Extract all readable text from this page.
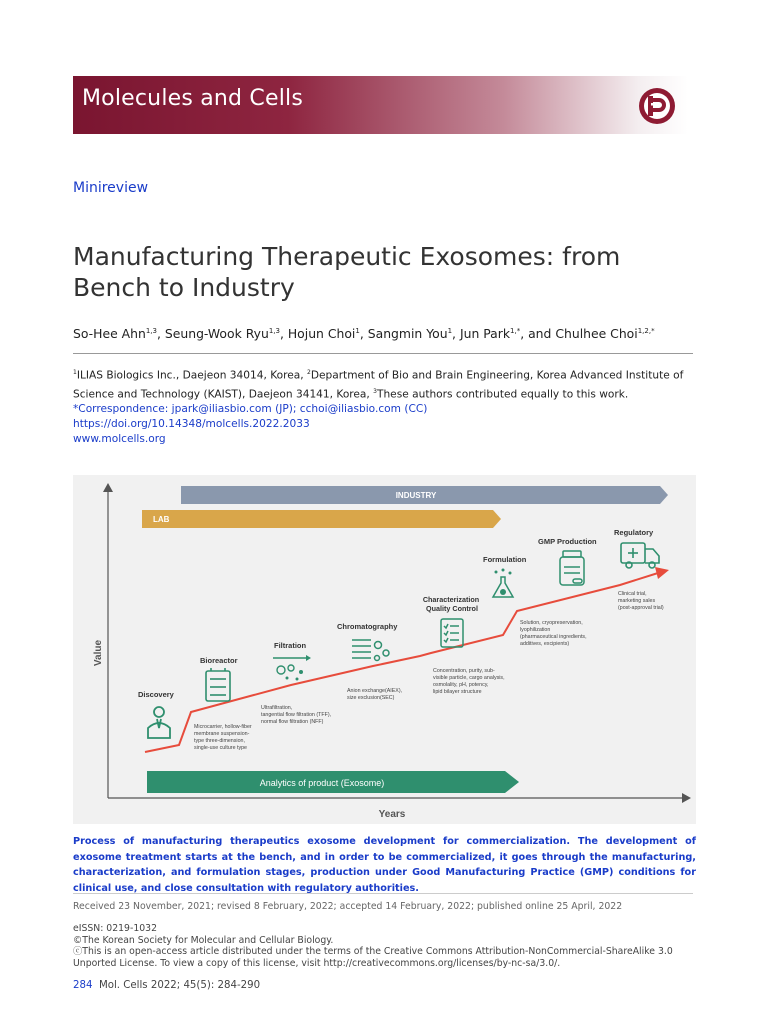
Molecules and Cells
Minireview
Manufacturing Therapeutic Exosomes: from Bench to Industry
So-Hee Ahn$^{1,3}$, Seung-Wook Ryu$^{1,3}$, Hojun Choi$^1$, Sangmin You$^1$, Jun Park$^{1,*}$, and Chulhee Choi$^{1,2,*}$
$^1$ILIAS Biologics Inc., Daejeon 34014, Korea, $^2$Department of Bio and Brain Engineering, Korea Advanced Institute of Science and Technology (KAIST), Daejeon 34141, Korea, $^3$These authors contributed equally to this work.
*Correspondence: jpark@iliasbio.com (JP); cchoi@iliasbio.com (CC)
https://doi.org/10.14348/molcells.2022.2033
www.molcells.org
Value
Years
INDUSTRY
LAB
Analytics of product (Exosome)
Discovery
Bioreactor
Microcarrier, hollow-fiber membrane suspension- type three-dimension, single-use culture type
Filtration
Ultrafiltration, tangential flow filtration (TFF), normal flow filtration (NFF)
Chromatography
Anion exchange(AIEX), size exclusion(SEC)
Characterization Quality Control
Concentration, purity, sub- visible particle, cargo analysis, osmolality, pH, potency, lipid bilayer structure
Formulation
Solution, cryopreservation, lyophilization (pharmaceutical ingredients, additives, excipients)
GMP Production
Regulatory
Clinical trial, marketing sales (post-approval trial)
Process of manufacturing therapeutics exosome development for commercialization. The development of exosome treatment starts at the bench, and in order to be commercialized, it goes through the manufacturing, characterization, and formulation stages, production under Good Manufacturing Practice (GMP) conditions for clinical use, and close consultation with regulatory authorities.
Received 23 November, 2021; revised 8 February, 2022; accepted 14 February, 2022; published online 25 April, 2022
eISSN: 0219-1032
©The Korean Society for Molecular and Cellular Biology.
ⓒThis is an open-access article distributed under the terms of the Creative Commons Attribution-NonCommercial-ShareAlike 3.0 Unported License. To view a copy of this license, visit http://creativecommons.org/licenses/by-nc-sa/3.0/.
284 Mol. Cells 2022; 45(5): 284-290
